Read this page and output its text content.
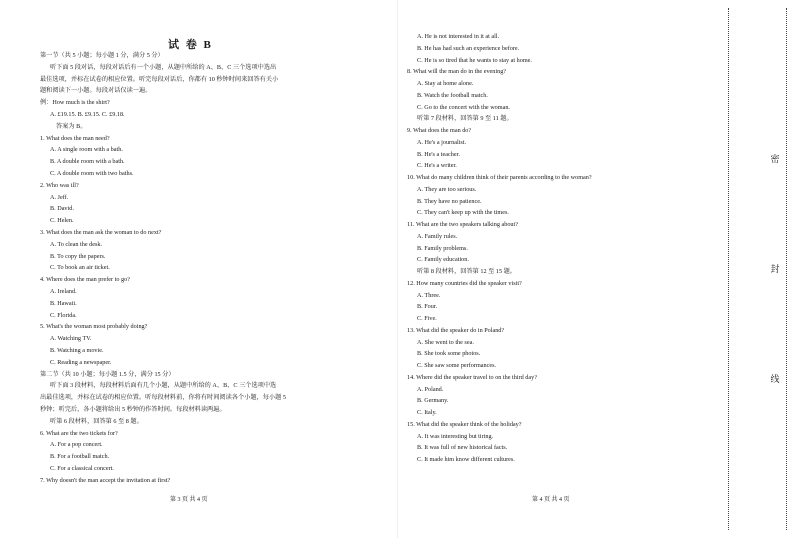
试 卷 B
第一节（共 5 小题；每小题 1 分，满分 5 分）
听下面 5 段对话，每段对话后有一个小题，从题中所给的 A、B、C 三个选项中选出
最佳选项，并标在试卷的相应位置。听完每段对话后，你都有 10 秒钟时间来回答有关小
题和阅读下一小题。每段对话仅读一遍。
例：How much is the shirt?
A. £19.15. B. £9.15. C. £9.18.
答案为 B。
1. What does the man need?
A. A single room with a bath.
B. A double room with a bath.
C. A double room with two baths.
2. Who was ill?
A. Jeff.
B. David.
C. Helen.
3. What does the man ask the woman to do next?
A. To clean the desk.
B. To copy the papers.
C. To book an air ticket.
4. Where does the man prefer to go?
A. Ireland.
B. Hawaii.
C. Florida.
5. What's the woman most probably doing?
A. Watching TV.
B. Watching a movie.
C. Reading a newspaper.
第二节（共 10 小题；每小题 1.5 分，满分 15 分）
听下面 3 段材料，每段材料后面有几个小题，从题中所给的 A、B、C 三个选项中选
出最佳选项，并标在试卷的相应位置。听每段材料前，你将有时间阅读各个小题，每小题 5
秒钟；听完后，各小题将给出 5 秒钟的作答时间。每段材料读两遍。
听第 6 段材料，回答第 6 至 8 题。
6. What are the two tickets for?
A. For a pop concert.
B. For a football match.
C. For a classical concert.
7. Why doesn't the man accept the invitation at first?
A. He is not interested in it at all.
B. He has had such an experience before.
C. He is so tired that he wants to stay at home.
8. What will the man do in the evening?
A. Stay at home alone.
B. Watch the football match.
C. Go to the concert with the woman.
听第 7 段材料，回答第 9 至 11 题。
9. What does the man do?
A. He's a journalist.
B. He's a teacher.
C. He's a writer.
10. What do many children think of their parents according to the woman?
A. They are too serious.
B. They have no patience.
C. They can't keep up with the times.
11. What are the two speakers talking about?
A. Family rules.
B. Family problems.
C. Family education.
听第 8 段材料，回答第 12 至 15 题。
12. How many countries did the speaker visit?
A. Three.
B. Four.
C. Five.
13. What did the speaker do in Poland?
A. She went to the sea.
B. She took some photos.
C. She saw some performances.
14. Where did the speaker travel to on the third day?
A. Poland.
B. Germany.
C. Italy.
15. What did the speaker think of the holiday?
A. It was interesting but tiring.
B. It was full of new historical facts.
C. It made him know different cultures.
第 3 页 共 4 页	第 4 页 共 4 页
密
封
线
